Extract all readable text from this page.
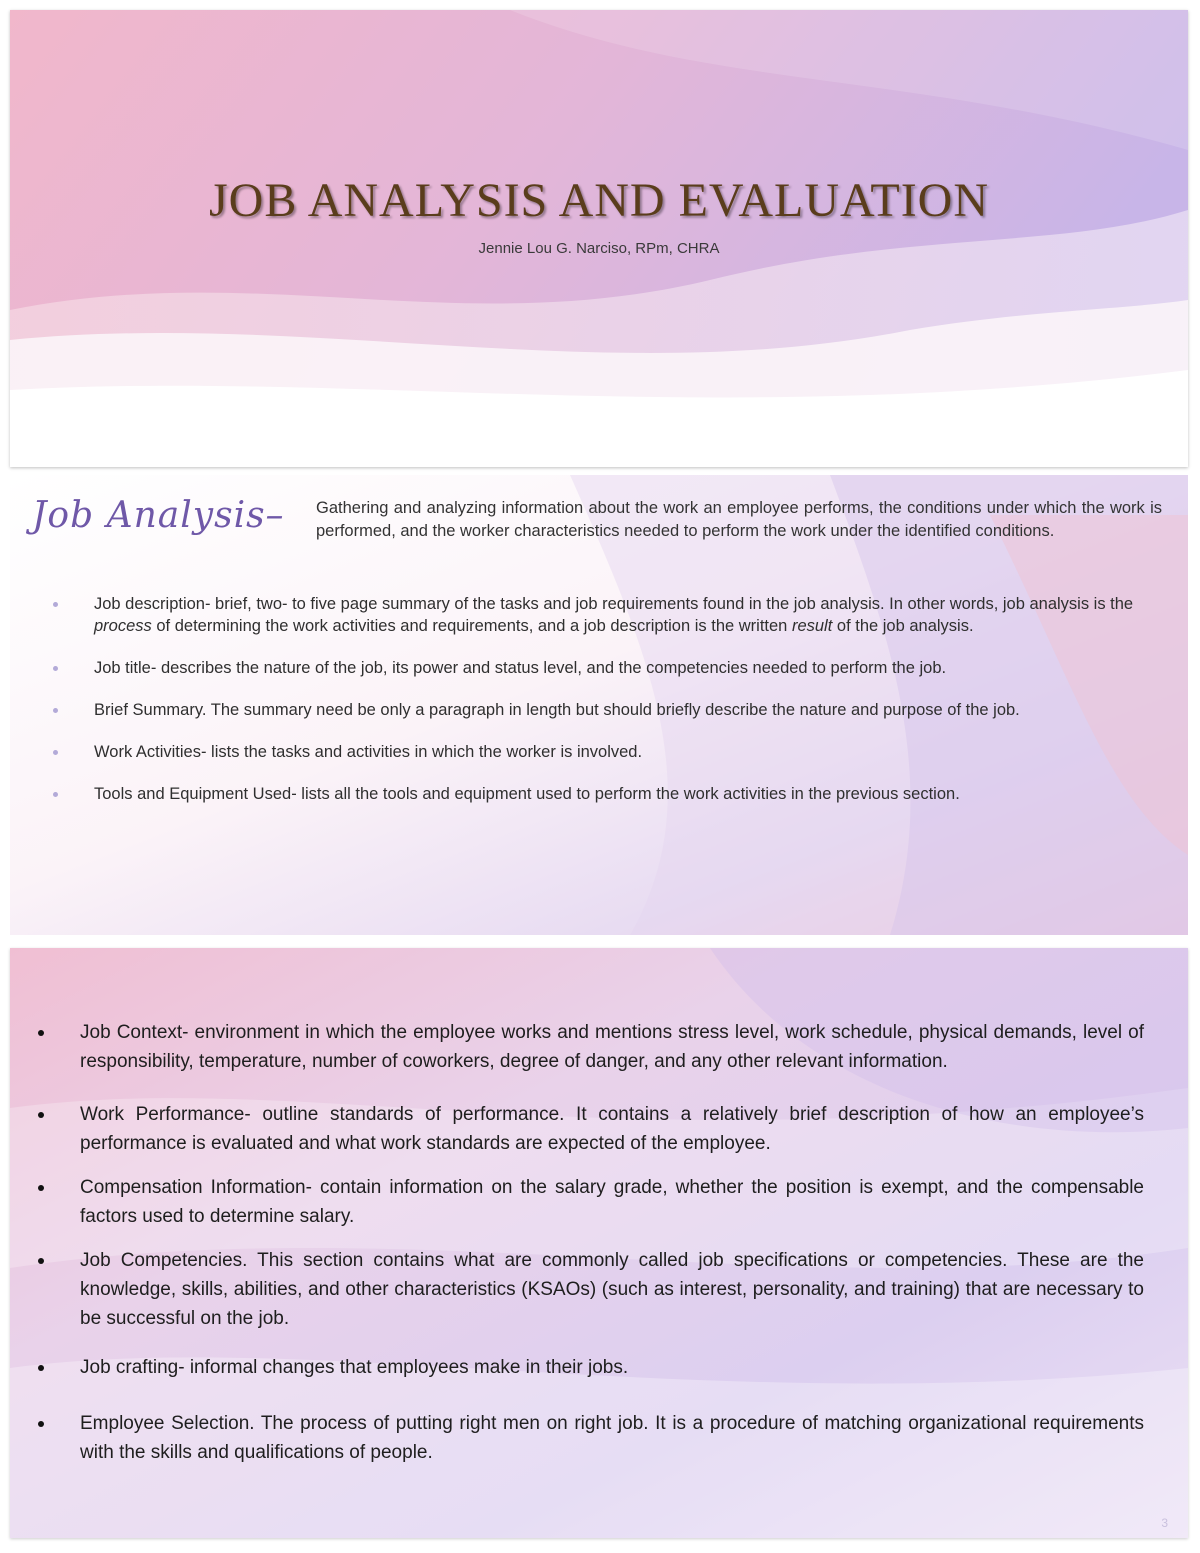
JOB ANALYSIS AND EVALUATION
Jennie Lou G. Narciso, RPm, CHRA
Job Analysis– Gathering and analyzing information about the work an employee performs, the conditions under which the work is performed, and the worker characteristics needed to perform the work under the identified conditions.
Job description- brief, two- to five page summary of the tasks and job requirements found in the job analysis. In other words, job analysis is the process of determining the work activities and requirements, and a job description is the written result of the job analysis.
Job title- describes the nature of the job, its power and status level, and the competencies needed to perform the job.
Brief Summary. The summary need be only a paragraph in length but should briefly describe the nature and purpose of the job.
Work Activities- lists the tasks and activities in which the worker is involved.
Tools and Equipment Used- lists all the tools and equipment used to perform the work activities in the previous section.
Job Context- environment in which the employee works and mentions stress level, work schedule, physical demands, level of responsibility, temperature, number of coworkers, degree of danger, and any other relevant information.
Work Performance- outline standards of performance. It contains a relatively brief description of how an employee’s performance is evaluated and what work standards are expected of the employee.
Compensation Information- contain information on the salary grade, whether the position is exempt, and the compensable factors used to determine salary.
Job Competencies. This section contains what are commonly called job specifications or competencies. These are the knowledge, skills, abilities, and other characteristics (KSAOs) (such as interest, personality, and training) that are necessary to be successful on the job.
Job crafting- informal changes that employees make in their jobs.
Employee Selection. The process of putting right men on right job. It is a procedure of matching organizational requirements with the skills and qualifications of people.
3
